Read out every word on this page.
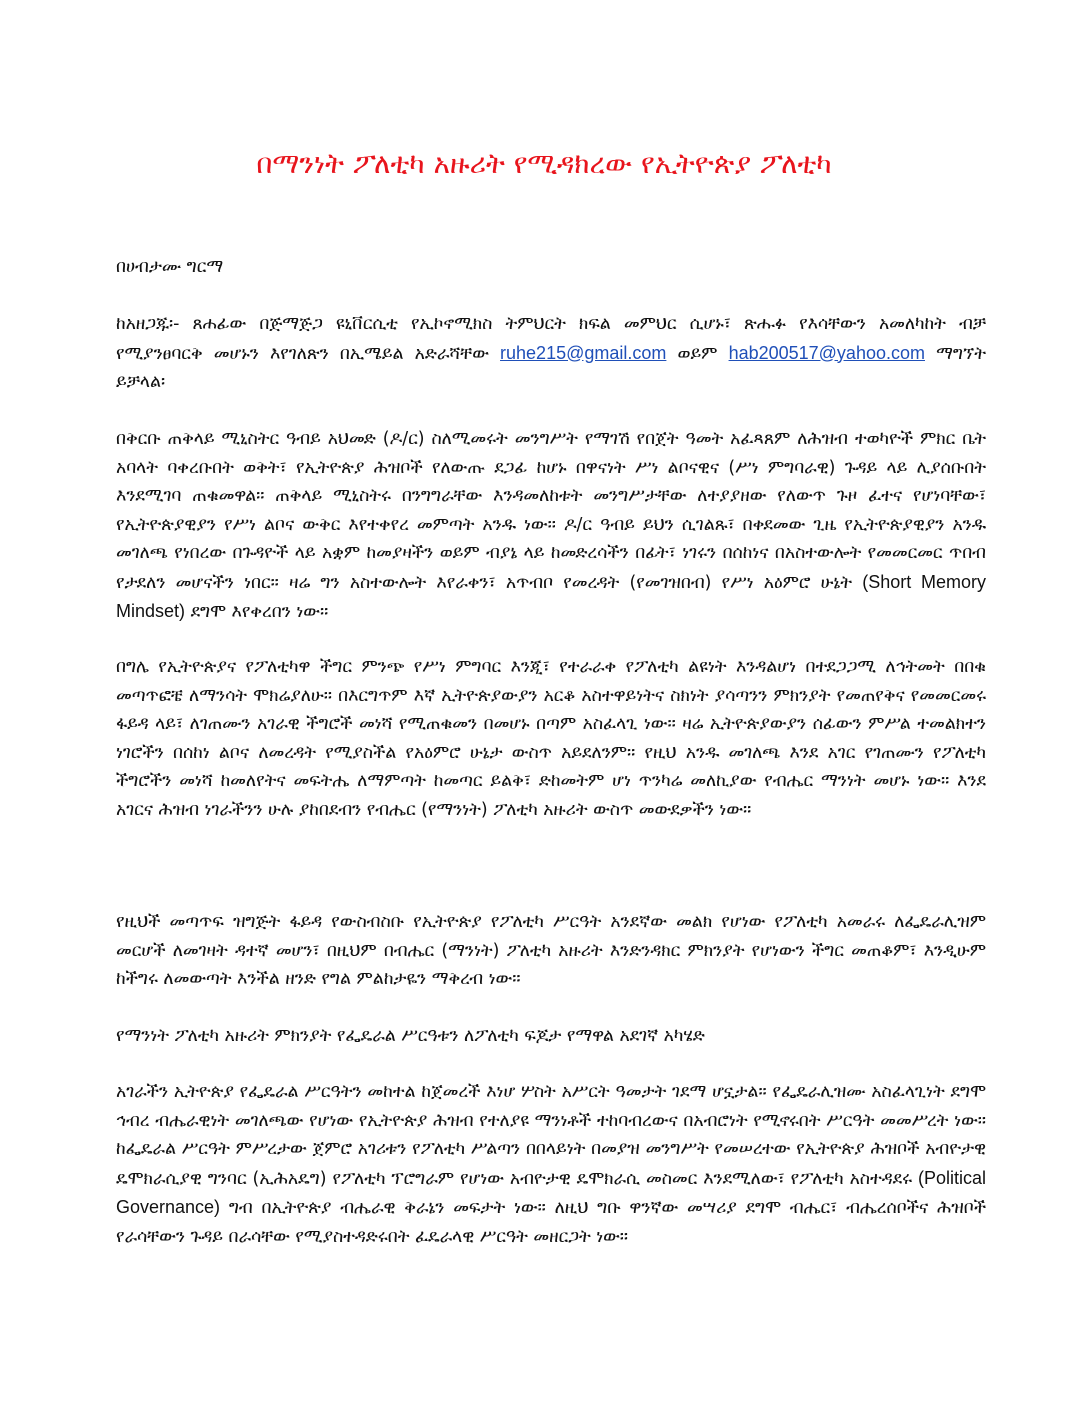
በማንነት ፖለቲካ አዙሪት የሚዳክረው የኢትዮጵያ ፖለቲካ

በሀብታሙ ግርማ

ከአዘጋጁ፡- ጸሐፊው በጅማጅጋ ዩኒቨርሲቲ የኢኮኖሚክስ ትምህርት ክፍል መምህር ሲሆኑ፣ ጽሑፉ የእሳቸውን አመለካከት ብቻ የሚያንፀባርቅ መሆኑን እየገለጽን በኢሜይል አድራሻቸው ruhe215@gmail.com ወይም hab200517@yahoo.com ማግኘት ይቻላል፡

በቅርቡ ጠቅላይ ሚኒስትር ዓብይ አህመድ (ዶ/ር) ስለሚመሩት መንግሥት የማገሽ የበጀት ዓመት አፈጻጸም ለሕዝብ ተወካዮች ምክር ቤት አባላት ባቀረቡበት ወቅት፣ የኢትዮጵያ ሕዝቦች የለውጡ ደጋፊ ከሆኑ በዋናነት ሥነ ልቦናዊና (ሥነ ምግባራዊ) ጉዳይ ላይ ሊያሰቡበት እንደሚገባ ጠቁመዋል፡፡ ጠቅላይ ሚኒስትሩ በንግግራቸው እንዳመለከቱት መንግሥታቸው ለተያያዘው የለውጥ ጉዞ ፈተና የሆነባቸው፣ የኢትዮጵያዊያን የሥነ ልቦና ውቅር እየተቀየረ መምጣት አንዱ ነው፡፡ ዶ/ር ዓብይ ይህን ሲገልጹ፣ በቀደመው ጊዜ የኢትዮጵያዊያን አንዱ መገለጫ የነበረው በጉዳዮች ላይ አቋም ከመያዛችን ወይም ብያኔ ላይ ከመድረሳችን በፊት፣ ነገሩን በሰከነና በአስተውሎት የመመርመር ጥበብ የታደለን መሆናችን ነበር፡፡ ዛሬ ግን አስተውሎት እየራቀን፣ አጥብቦ የመረዳት (የመገዝበብ) የሥነ አዕምሮ ሁኔት (Short Memory Mindset) ደግሞ እየቀረበን ነው፡፡

በግሌ የኢትዮጵያና የፖለቲካዋ ችግር ምንጭ የሥነ ምግባር እንጂ፣ የተራራቀ የፖለቲካ ልዩነት እንዳልሆነ በተደጋጋሚ ለኅትመት በበቁ መጣጥፎቼ ለማንሳት ሞክሬያለሁ፡፡ በእርግጥም እኛ ኢትዮጵያውያን አርቆ አስተዋይነትና ስክነት ያሳጣንን ምክንያት የመጠየቅና የመመርመሩ ፋይዳ ላይ፣ ለገጠሙን አገራዊ ችግሮች መነሻ የሚጠቁመን በመሆኑ በጣም አስፈላጊ ነው፡፡ ዛሬ ኢትዮጵያውያን ሰፊውን ምሥል ተመልክተን ነገሮችን በሰከነ ልቦና ለመረዳት የሚያስችል የአዕምሮ ሁኔታ ውስጥ አይደለንም፡፡ የዚህ አንዱ መገለጫ እንደ አገር የገጠሙን የፖለቲካ ችግሮችን መነሻ ከመለየትና መፍትሔ ለማምጣት ከመጣር ይልቅ፣ ድከመትም ሆነ ጥንካሬ መለኪያው የብሔር ማንነት መሆኑ ነው፡፡ እንደ አገርና ሕዝብ ነገራችንን ሁሉ ያከበደብን የብሔር (የማንነት) ፖለቲካ አዙሪት ውስጥ መውደቃችን ነው፡፡

የዚህች መጣጥፍ ዝግጅት ፋይዳ የውስብስቡ የኢትዮጵያ የፖለቲካ ሥርዓት አንደኛው መልክ የሆነው የፖለቲካ አመራሩ ለፌዴራሊዝም መርሆች ለመገዛት ዳተኛ መሆን፣ በዚህም በብሔር (ማንነት) ፖለቲካ አዙሪት እንድንዳክር ምክንያት የሆነውን ችግር መጠቆም፣ እንዲሁም ከችግሩ ለመውጣት እንችል ዘንድ የግል ምልከታዬን ማቅረብ ነው፡፡

የማንነት ፖለቲካ አዙሪት ምክንያት የፌዴራል ሥርዓቱን ለፖለቲካ ፍጆታ የማዋል አደገኛ አካሄድ

አገራችን ኢትዮጵያ የፌዴራል ሥርዓትን መከተል ከጀመረች እነሆ ሦስት አሥርት ዓመታት ገደማ ሆኗታል፡፡ የፌዴራሊዝሙ አስፈላጊነት ደግሞ ኅብረ ብሔራዊነት መገለጫው የሆነው የኢትዮጵያ ሕዝብ የተለያዩ ማንነቶች ተከባብረውና በአብሮነት የሚኖሩበት ሥርዓት መመሥረት ነው፡፡ ከፌዴራል ሥርዓት ምሥረታው ጀምሮ አገሪቱን የፖለቲካ ሥልጣን በበላይነት በመያዝ መንግሥት የመሠረተው የኢትዮጵያ ሕዝቦች አብዮታዊ ዴሞክራሲያዊ ግንባር (ኢሕአዴግ) የፖለቲካ ፕሮግራም የሆነው አብዮታዊ ዴሞክራሲ መስመር እንደሚለው፣ የፖለቲካ አስተዳደሩ (Political Governance) ግብ በኢትዮጵያ ብሔራዊ ቅራኔን መፍታት ነው፡፡ ለዚህ ግቡ ዋንኛው መሣሪያ ደግሞ ብሔር፣ ብሔረሰቦችና ሕዝቦች የራሳቸውን ጉዳይ በራሳቸው የሚያስተዳድሩበት ፈዴራላዊ ሥርዓት መዘርጋት ነው፡፡
